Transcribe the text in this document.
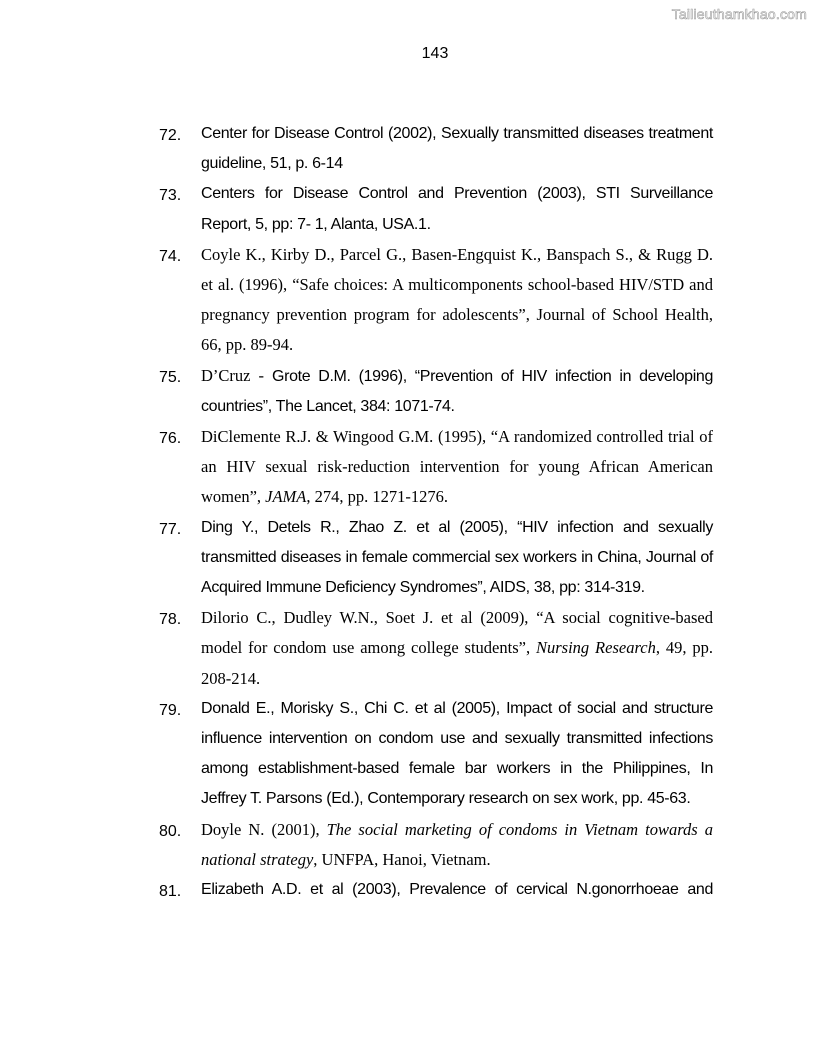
Tailieuthamkhao.com
143
72. Center for Disease Control (2002), Sexually transmitted diseases treatment guideline, 51, p. 6-14
73. Centers for Disease Control and Prevention (2003), STI Surveillance Report, 5, pp: 7- 1, Alanta, USA.1.
74. Coyle K., Kirby D., Parcel G., Basen-Engquist K., Banspach S., & Rugg D. et al. (1996), “Safe choices: A multicomponents school-based HIV/STD and pregnancy prevention program for adolescents”, Journal of School Health, 66, pp. 89-94.
75. D’Cruz - Grote D.M. (1996), “Prevention of HIV infection in developing countries”, The Lancet, 384: 1071-74.
76. DiClemente R.J. & Wingood G.M. (1995), “A randomized controlled trial of an HIV sexual risk-reduction intervention for young African American women”, JAMA, 274, pp. 1271-1276.
77. Ding Y., Detels R., Zhao Z. et al (2005), “HIV infection and sexually transmitted diseases in female commercial sex workers in China, Journal of Acquired Immune Deficiency Syndromes”, AIDS, 38, pp: 314-319.
78. Dilorio C., Dudley W.N., Soet J. et al (2009), “A social cognitive-based model for condom use among college students”, Nursing Research, 49, pp. 208-214.
79. Donald E., Morisky S., Chi C. et al (2005), Impact of social and structure influence intervention on condom use and sexually transmitted infections among establishment-based female bar workers in the Philippines, In Jeffrey T. Parsons (Ed.), Contemporary research on sex work, pp. 45-63.
80. Doyle N. (2001), The social marketing of condoms in Vietnam towards a national strategy, UNFPA, Hanoi, Vietnam.
81. Elizabeth A.D. et al (2003), Prevalence of cervical N.gonorrhoeae and
